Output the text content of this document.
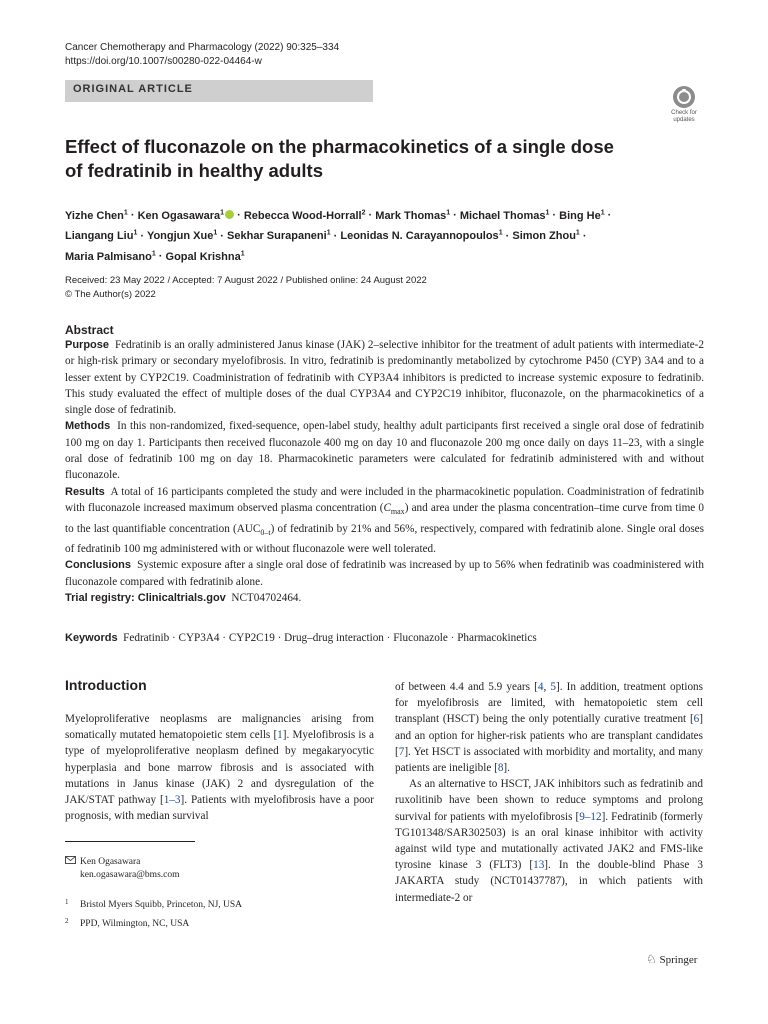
Cancer Chemotherapy and Pharmacology (2022) 90:325–334
https://doi.org/10.1007/s00280-022-04464-w
ORIGINAL ARTICLE
Check for
updates
Effect of fluconazole on the pharmacokinetics of a single dose
of fedratinib in healthy adults
Yizhe Chen$^1$ · Ken Ogasawara$^1$ · Rebecca Wood-Horrall$^2$ · Mark Thomas$^1$ · Michael Thomas$^1$ · Bing $He^1$ ·
Liangang Liu$^1$ · Yongjun Xue$^1$ · Sekhar Surapaneni$^1$ · Leonidas N. Carayannopoulos$^1$ · Simon Zhou$^1$ ·
Maria Palmisano$^1$ · Gopal Krishna$^1$
Received: 23 May 2022 / Accepted: 7 August 2022 / Published online: 24 August 2022
© The Author(s) 2022
Abstract

Purpose Fedratinib is an orally administered Janus kinase (JAK) 2–selective inhibitor for the treatment of adult patients with intermediate-2 or high-risk primary or secondary myelofibrosis. In vitro, fedratinib is predominantly metabolized by cytochrome P450 (CYP) 3A4 and to a lesser extent by CYP2C19. Coadministration of fedratinib with CYP3A4 inhibitors is predicted to increase systemic exposure to fedratinib. This study evaluated the effect of multiple doses of the dual CYP3A4 and CYP2C19 inhibitor, fluconazole, on the pharmacokinetics of a single dose of fedratinib.

Methods In this non-randomized, fixed-sequence, open-label study, healthy adult participants first received a single oral dose of fedratinib 100 mg on day 1. Participants then received fluconazole 400 mg on day 10 and fluconazole 200 mg once daily on days 11–23, with a single oral dose of fedratinib 100 mg on day 18. Pharmacokinetic parameters were calculated for fedratinib administered with and without fluconazole.

Results A total of 16 participants completed the study and were included in the pharmacokinetic population. Coadministration of fedratinib with fluconazole increased maximum observed plasma concentration $(C_{max})$ and area under the plasma concentration–time curve from time 0 to the last quantifiable concentration $(AUC_{0-t})$ of fedratinib by 21% and 56%, respectively, compared with fedratinib alone. Single oral doses of fedratinib 100 mg administered with or without fluconazole were well tolerated.

Conclusions Systemic exposure after a single oral dose of fedratinib was increased by up to 56% when fedratinib was coadministered with fluconazole compared with fedratinib alone.

Trial registry: Clinicaltrials.gov NCT04702464.

Keywords Fedratinib · CYP3A4 · CYP2C19 · Drug–drug interaction · Fluconazole · Pharmacokinetics
Introduction

Myeloproliferative neoplasms are malignancies arising from somatically mutated hematopoietic stem cells [1]. Myelofibrosis is a type of myeloproliferative neoplasm defined by megakaryocytic hyperplasia and bone marrow fibrosis and is associated with mutations in Janus kinase (JAK) 2 and dysregulation of the JAK/STAT pathway [1–3]. Patients with myelofibrosis have a poor prognosis, with median survival

of between 4.4 and 5.9 years [4, 5]. In addition, treatment options for myelofibrosis are limited, with hematopoietic stem cell transplant (HSCT) being the only potentially curative treatment [6] and an option for higher-risk patients who are transplant candidates [7]. Yet HSCT is associated with morbidity and mortality, and many patients are ineligible [8].

As an alternative to HSCT, JAK inhibitors such as fedratinib and ruxolitinib have been shown to reduce symptoms and prolong survival for patients with myelofibrosis [9–12]. Fedratinib (formerly TG101348/SAR302503) is an oral kinase inhibitor with activity against wild type and mutationally activated JAK2 and FMS-like tyrosine kinase 3 (FLT3) [13]. In the double-blind Phase 3 JAKARTA study (NCT01437787), in which patients with intermediate-2 or

Ken Ogasawara
ken.ogasawara@bms.com
1 Bristol Myers Squibb, Princeton, NJ, USA
2 PPD, Wilmington, NC, USA
♘ Springer
